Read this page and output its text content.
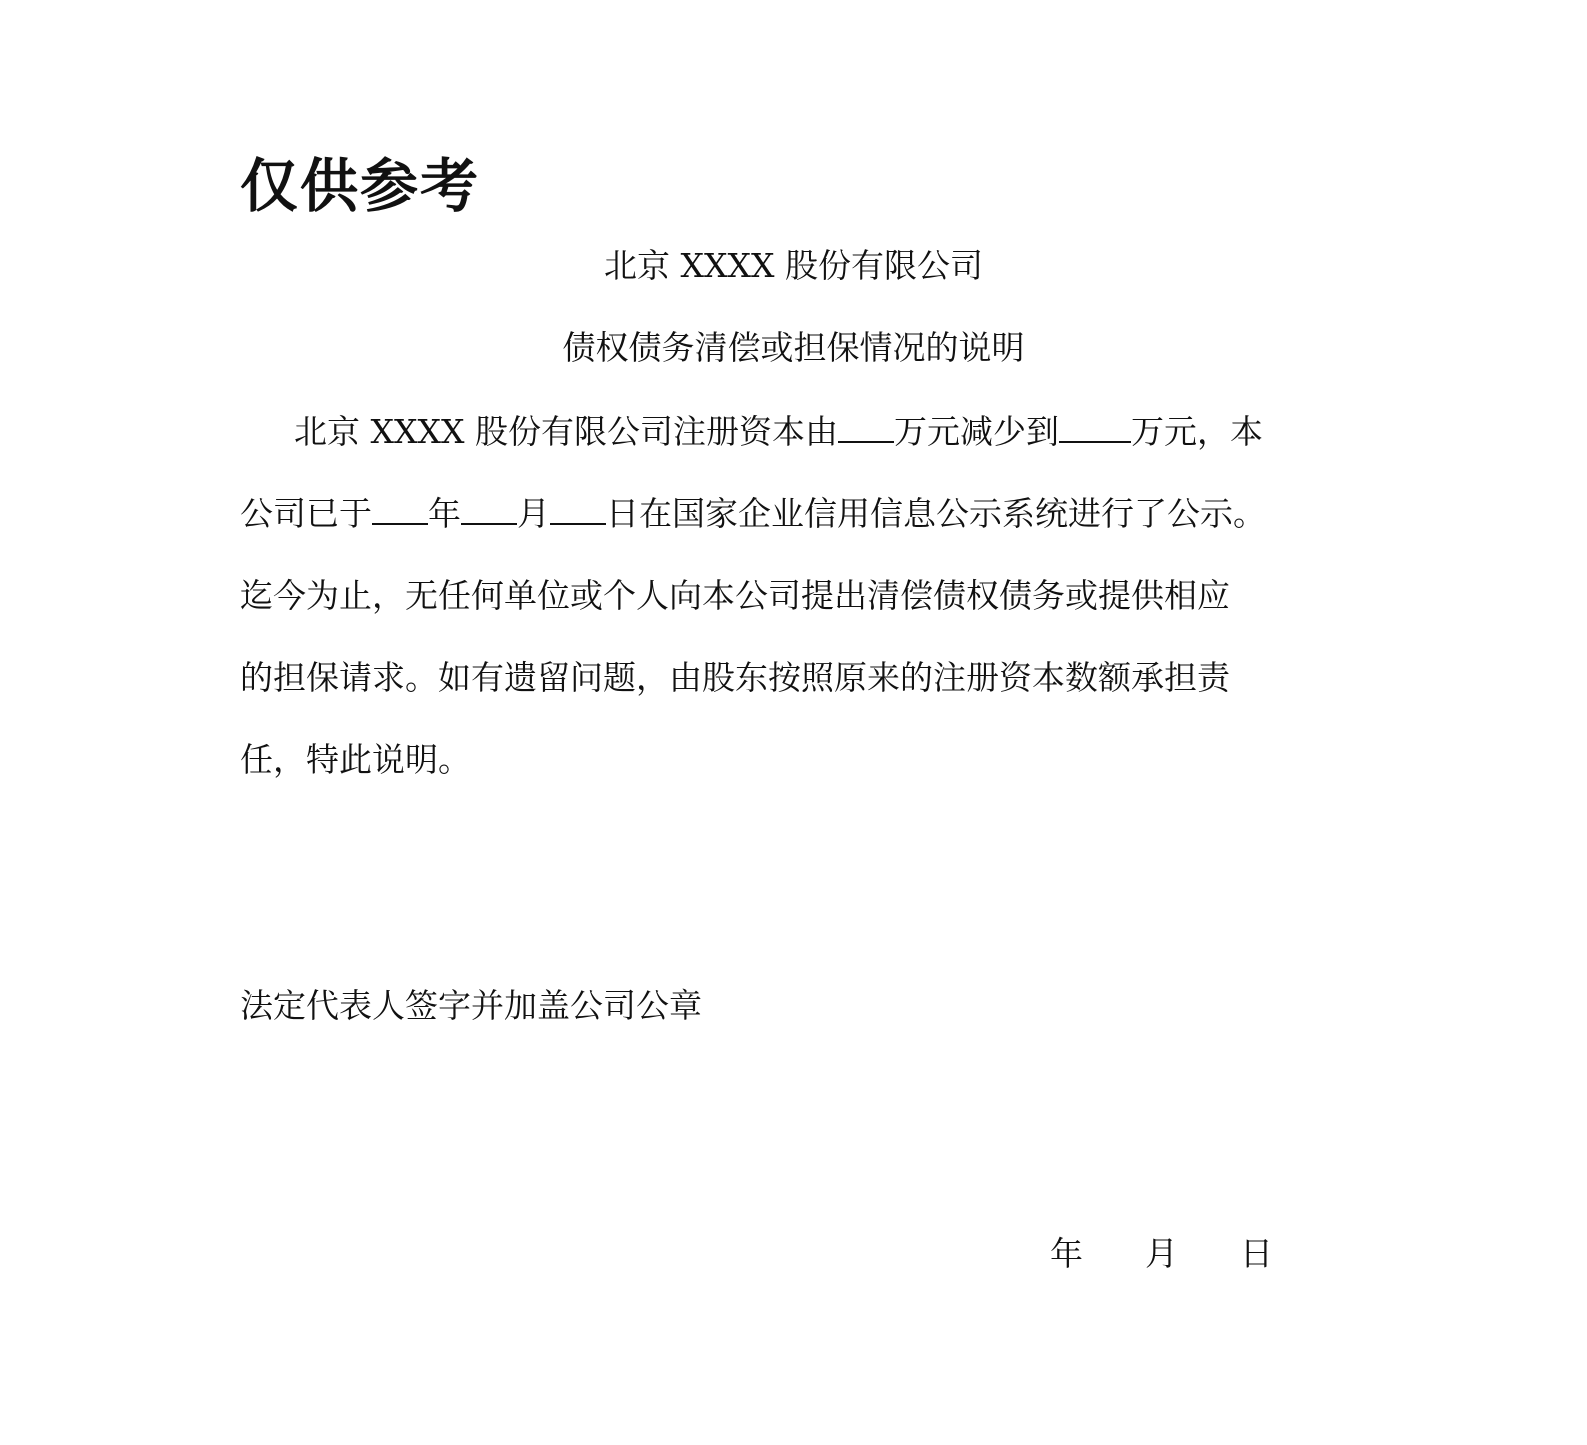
仅供参考
北京 XXXX 股份有限公司
债权债务清偿或担保情况的说明
北京 XXXX 股份有限公司注册资本由 万元减少到 万元，本
公司已于 年 月 日在国家企业信用信息公示系统进行了公示。
迄今为止，无任何单位或个人向本公司提出清偿债权债务或提供相应
的担保请求。如有遗留问题，由股东按照原来的注册资本数额承担责
任，特此说明。
法定代表人签字并加盖公司公章
年 月 日
